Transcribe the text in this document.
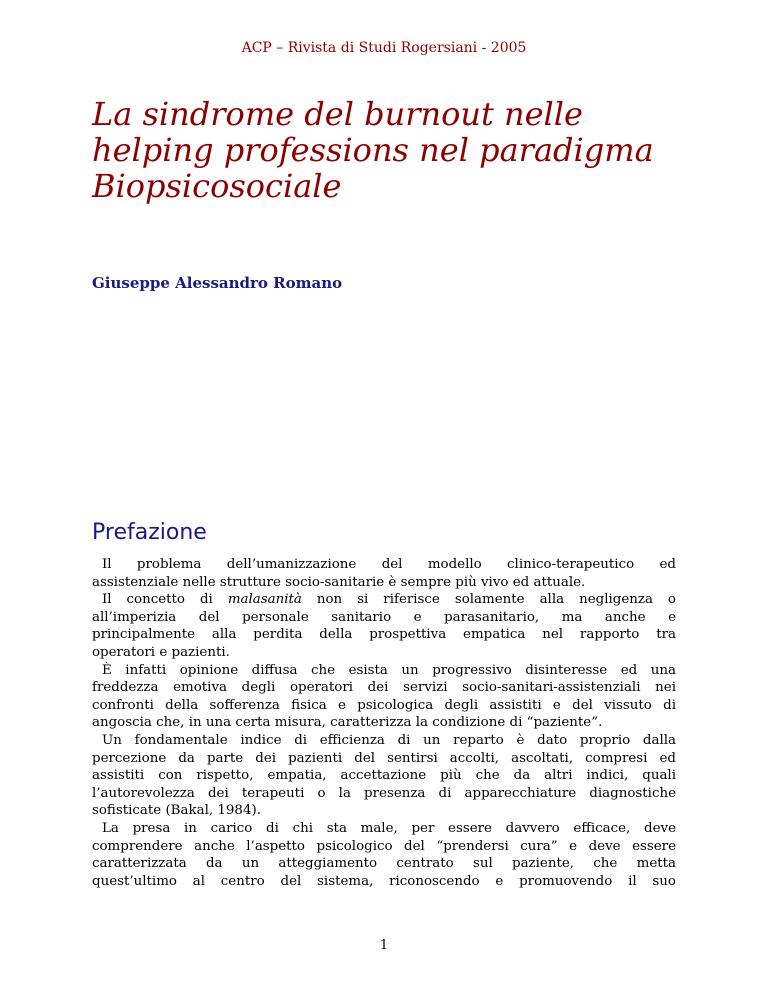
ACP – Rivista di Studi Rogersiani - 2005
La sindrome del burnout nelle
helping professions nel paradigma
Biopsicosociale
Giuseppe Alessandro Romano
Prefazione
Il problema dell’umanizzazione del modello clinico-terapeutico ed
assistenziale nelle strutture socio-sanitarie è sempre più vivo ed attuale.
Il concetto di malasanità non si riferisce solamente alla negligenza o
all’imperizia del personale sanitario e parasanitario, ma anche e
principalmente alla perdita della prospettiva empatica nel rapporto tra
operatori e pazienti.
È infatti opinione diffusa che esista un progressivo disinteresse ed una
freddezza emotiva degli operatori dei servizi socio-sanitari-assistenziali nei
confronti della sofferenza fisica e psicologica degli assistiti e del vissuto di
angoscia che, in una certa misura, caratterizza la condizione di “paziente”.
Un fondamentale indice di efficienza di un reparto è dato proprio dalla
percezione da parte dei pazienti del sentirsi accolti, ascoltati, compresi ed
assistiti con rispetto, empatia, accettazione più che da altri indici, quali
l’autorevolezza dei terapeuti o la presenza di apparecchiature diagnostiche
sofisticate (Bakal, 1984).
La presa in carico di chi sta male, per essere davvero efficace, deve
comprendere anche l’aspetto psicologico del “prendersi cura” e deve essere
caratterizzata da un atteggiamento centrato sul paziente, che metta
quest’ultimo al centro del sistema, riconoscendo e promuovendo il suo
1
